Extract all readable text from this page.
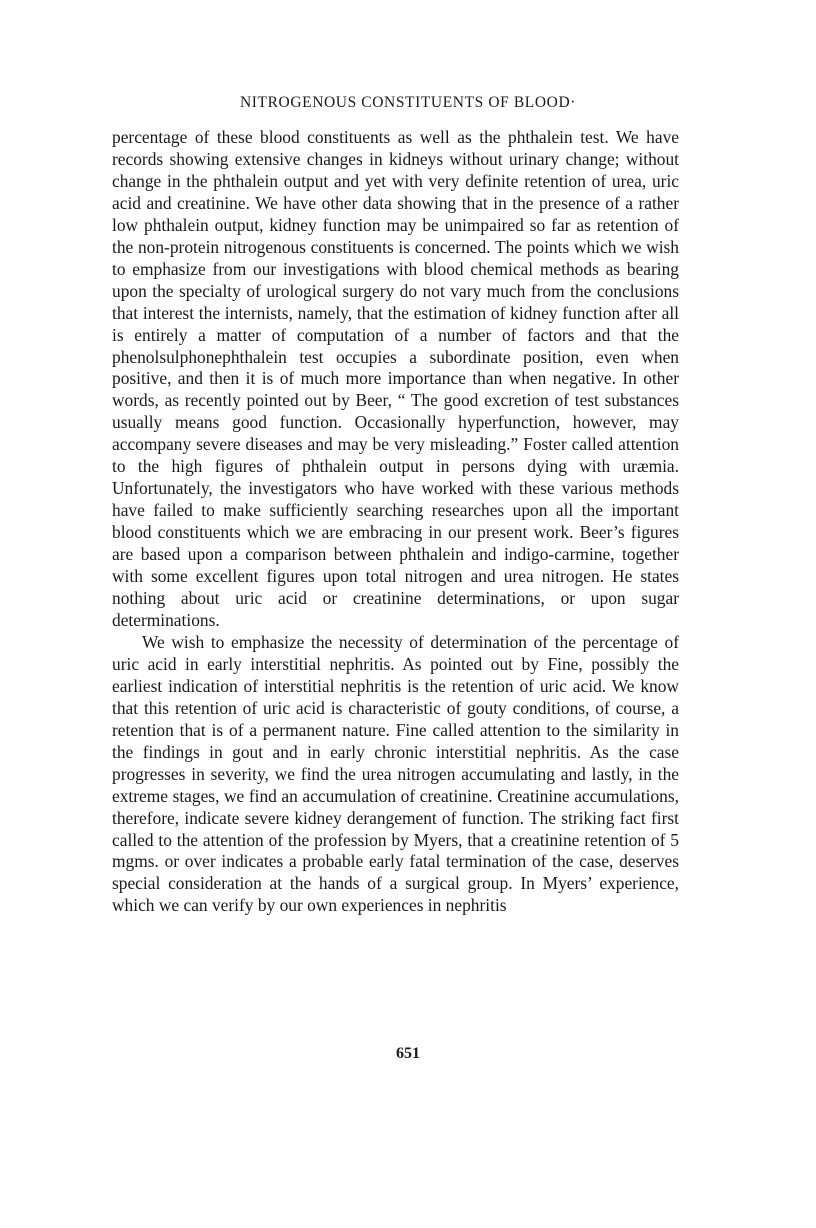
NITROGENOUS CONSTITUENTS OF BLOOD·

percentage of these blood constituents as well as the phthalein test. We have records showing extensive changes in kidneys without urinary change; without change in the phthalein output and yet with very definite retention of urea, uric acid and creatinine. We have other data showing that in the presence of a rather low phthalein output, kidney function may be unimpaired so far as retention of the non-protein nitrogenous constituents is concerned. The points which we wish to emphasize from our investigations with blood chemical methods as bearing upon the specialty of urological surgery do not vary much from the conclusions that interest the internists, namely, that the estimation of kidney function after all is entirely a matter of computation of a number of factors and that the phenolsulphonephthalein test occupies a subordinate position, even when positive, and then it is of much more importance than when negative. In other words, as recently pointed out by Beer, “ The good excretion of test substances usually means good function. Occasionally hyperfunction, however, may accompany severe diseases and may be very misleading.” Foster called attention to the high figures of phthalein output in persons dying with uræmia. Unfortunately, the investigators who have worked with these various methods have failed to make sufficiently searching researches upon all the important blood constituents which we are embracing in our present work. Beer’s figures are based upon a comparison between phthalein and indigo-carmine, together with some excellent figures upon total nitrogen and urea nitrogen. He states nothing about uric acid or creatinine determinations, or upon sugar determinations.

We wish to emphasize the necessity of determination of the percentage of uric acid in early interstitial nephritis. As pointed out by Fine, possibly the earliest indication of interstitial nephritis is the retention of uric acid. We know that this retention of uric acid is characteristic of gouty conditions, of course, a retention that is of a permanent nature. Fine called attention to the similarity in the findings in gout and in early chronic interstitial nephritis. As the case progresses in severity, we find the urea nitrogen accumulating and lastly, in the extreme stages, we find an accumulation of creatinine. Creatinine accumulations, therefore, indicate severe kidney derangement of function. The striking fact first called to the attention of the profession by Myers, that a creatinine retention of 5 mgms. or over indicates a probable early fatal termination of the case, deserves special consideration at the hands of a surgical group. In Myers’ experience, which we can verify by our own experiences in nephritis

651
